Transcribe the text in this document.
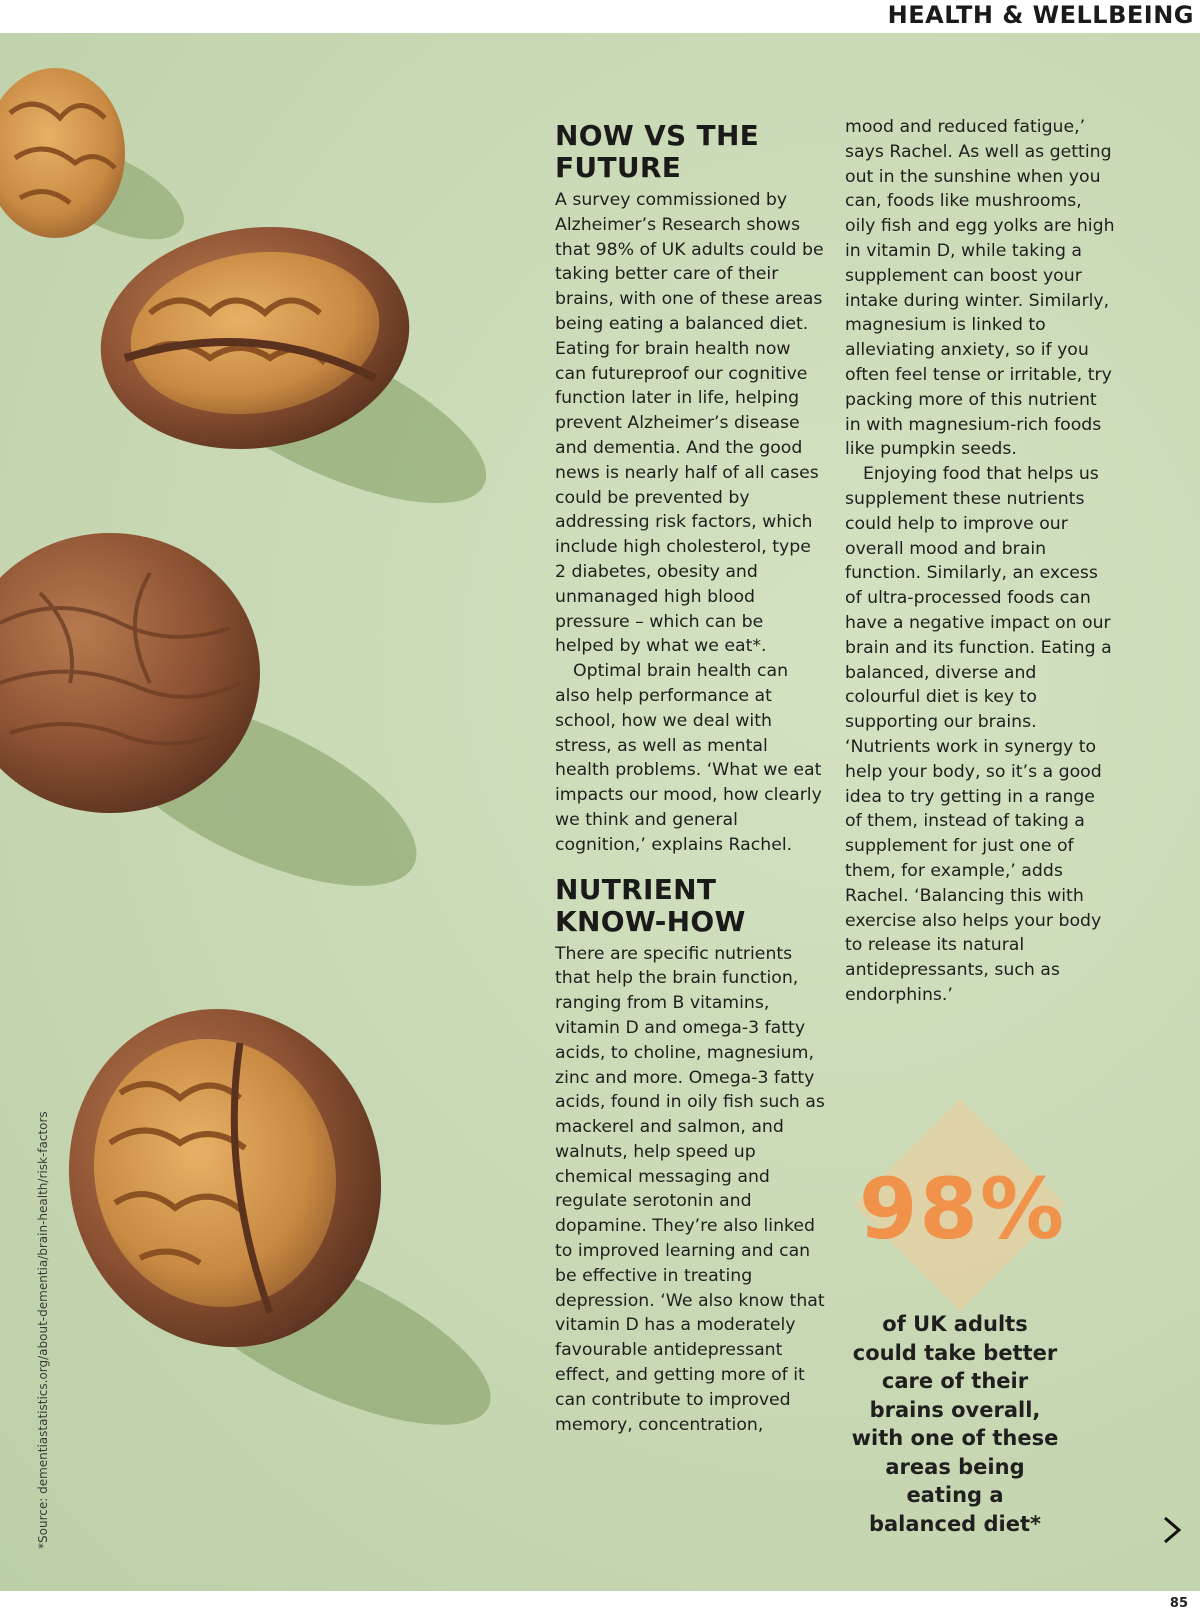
HEALTH & WELLBEING
*Source: dementiastatistics.org/about-dementia/brain-health/risk-factors
NOW VS THE FUTURE

A survey commissioned by Alzheimer’s Research shows that 98% of UK adults could be taking better care of their brains, with one of these areas being eating a balanced diet. Eating for brain health now can futureproof our cognitive function later in life, helping prevent Alzheimer’s disease and dementia. And the good news is nearly half of all cases could be prevented by addressing risk factors, which include high cholesterol, type 2 diabetes, obesity and unmanaged high blood pressure – which can be helped by what we eat*.

Optimal brain health can also help performance at school, how we deal with stress, as well as mental health problems. ‘What we eat impacts our mood, how clearly we think and general cognition,’ explains Rachel.

NUTRIENT KNOW-HOW

There are specific nutrients that help the brain function, ranging from B vitamins, vitamin D and omega-3 fatty acids, to choline, magnesium, zinc and more. Omega-3 fatty acids, found in oily fish such as mackerel and salmon, and walnuts, help speed up chemical messaging and regulate serotonin and dopamine. They’re also linked to improved learning and can be effective in treating depression. ‘We also know that vitamin D has a moderately favourable antidepressant effect, and getting more of it can contribute to improved memory, concentration,

mood and reduced fatigue,’ says Rachel. As well as getting out in the sunshine when you can, foods like mushrooms, oily fish and egg yolks are high in vitamin D, while taking a supplement can boost your intake during winter. Similarly, magnesium is linked to alleviating anxiety, so if you often feel tense or irritable, try packing more of this nutrient in with magnesium-rich foods like pumpkin seeds.

Enjoying food that helps us supplement these nutrients could help to improve our overall mood and brain function. Similarly, an excess of ultra-processed foods can have a negative impact on our brain and its function. Eating a balanced, diverse and colourful diet is key to supporting our brains. ‘Nutrients work in synergy to help your body, so it’s a good idea to try getting in a range of them, instead of taking a supplement for just one of them, for example,’ adds Rachel. ‘Balancing this with exercise also helps your body to release its natural antidepressants, such as endorphins.’

98%
of UK adults could take better care of their brains overall, with one of these areas being eating a balanced diet*
85
